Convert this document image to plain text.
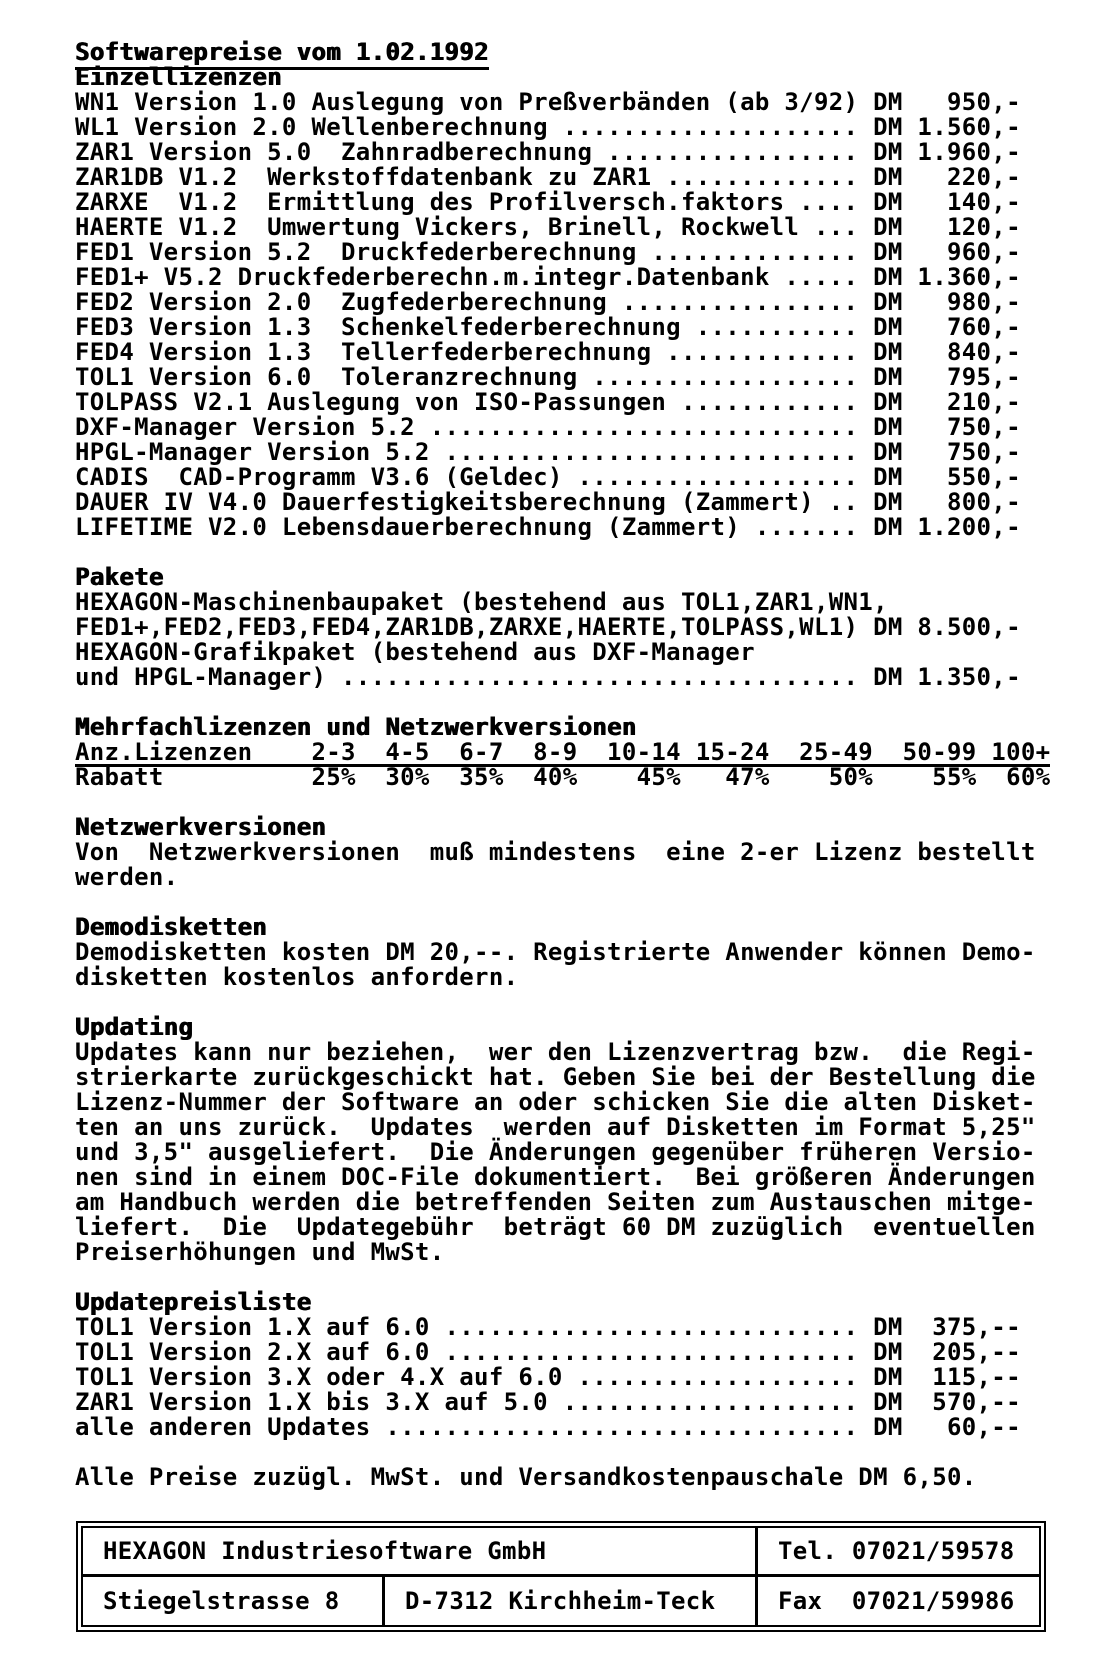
Softwarepreise vom 1.02.1992
Einzellizenzen
WN1 Version 1.0 Auslegung von Preßverbänden (ab 3/92) DM   950,-
WL1 Version 2.0 Wellenberechnung .................... DM 1.560,-
ZAR1 Version 5.0  Zahnradberechnung ................. DM 1.960,-
ZAR1DB V1.2  Werkstoffdatenbank zu ZAR1 ............. DM   220,-
ZARXE  V1.2  Ermittlung des Profilversch.faktors .... DM   140,-
HAERTE V1.2  Umwertung Vickers, Brinell, Rockwell ... DM   120,-
FED1 Version 5.2  Druckfederberechnung .............. DM   960,-
FED1+ V5.2 Druckfederberechn.m.integr.Datenbank ..... DM 1.360,-
FED2 Version 2.0  Zugfederberechnung ................ DM   980,-
FED3 Version 1.3  Schenkelfederberechnung ........... DM   760,-
FED4 Version 1.3  Tellerfederberechnung ............. DM   840,-
TOL1 Version 6.0  Toleranzrechnung .................. DM   795,-
TOLPASS V2.1 Auslegung von ISO-Passungen ............ DM   210,-
DXF-Manager Version 5.2 ............................. DM   750,-
HPGL-Manager Version 5.2 ............................ DM   750,-
CADIS  CAD-Programm V3.6 (Geldec) ................... DM   550,-
DAUER IV V4.0 Dauerfestigkeitsberechnung (Zammert) .. DM   800,-
LIFETIME V2.0 Lebensdauerberechnung (Zammert) ....... DM 1.200,-
Pakete
HEXAGON-Maschinenbaupaket (bestehend aus TOL1,ZAR1,WN1,
FED1+,FED2,FED3,FED4,ZAR1DB,ZARXE,HAERTE,TOLPASS,WL1) DM 8.500,-
HEXAGON-Grafikpaket (bestehend aus DXF-Manager
und HPGL-Manager) ................................... DM 1.350,-
Mehrfachlizenzen und Netzwerkversionen
Anz.Lizenzen    2-3  4-5  6-7  8-9  10-14 15-24  25-49  50-99 100+
Rabatt          25%  30%  35%  40%    45%   47%    50%    55%  60%
Netzwerkversionen
Von  Netzwerkversionen  muß mindestens  eine 2-er Lizenz bestellt
werden.
Demodisketten
Demodisketten kosten DM 20,--. Registrierte Anwender können Demo-
disketten kostenlos anfordern.
Updating
Updates kann nur beziehen,  wer den Lizenzvertrag bzw.  die Regi-
strierkarte zurückgeschickt hat. Geben Sie bei der Bestellung die
Lizenz-Nummer der Software an oder schicken Sie die alten Disket-
ten an uns zurück.  Updates  werden auf Disketten im Format 5,25"
und 3,5" ausgeliefert.  Die Änderungen gegenüber früheren Versio-
nen sind in einem DOC-File dokumentiert.  Bei größeren Änderungen
am Handbuch werden die betreffenden Seiten zum Austauschen mitge-
liefert.  Die  Updategebühr  beträgt 60 DM zuzüglich  eventuellen
Preiserhöhungen und MwSt.
Updatepreisliste
TOL1 Version 1.X auf 6.0 ............................ DM  375,--
TOL1 Version 2.X auf 6.0 ............................ DM  205,--
TOL1 Version 3.X oder 4.X auf 6.0 ................... DM  115,--
ZAR1 Version 1.X bis 3.X auf 5.0 .................... DM  570,--
alle anderen Updates ................................ DM   60,--
Alle Preise zuzügl. MwSt. und Versandkostenpauschale DM 6,50.
HEXAGON Industriesoftware GmbH	Tel. 07021/59578
Stiegelstrasse 8	D-7312 Kirchheim-Teck	Fax  07021/59986
